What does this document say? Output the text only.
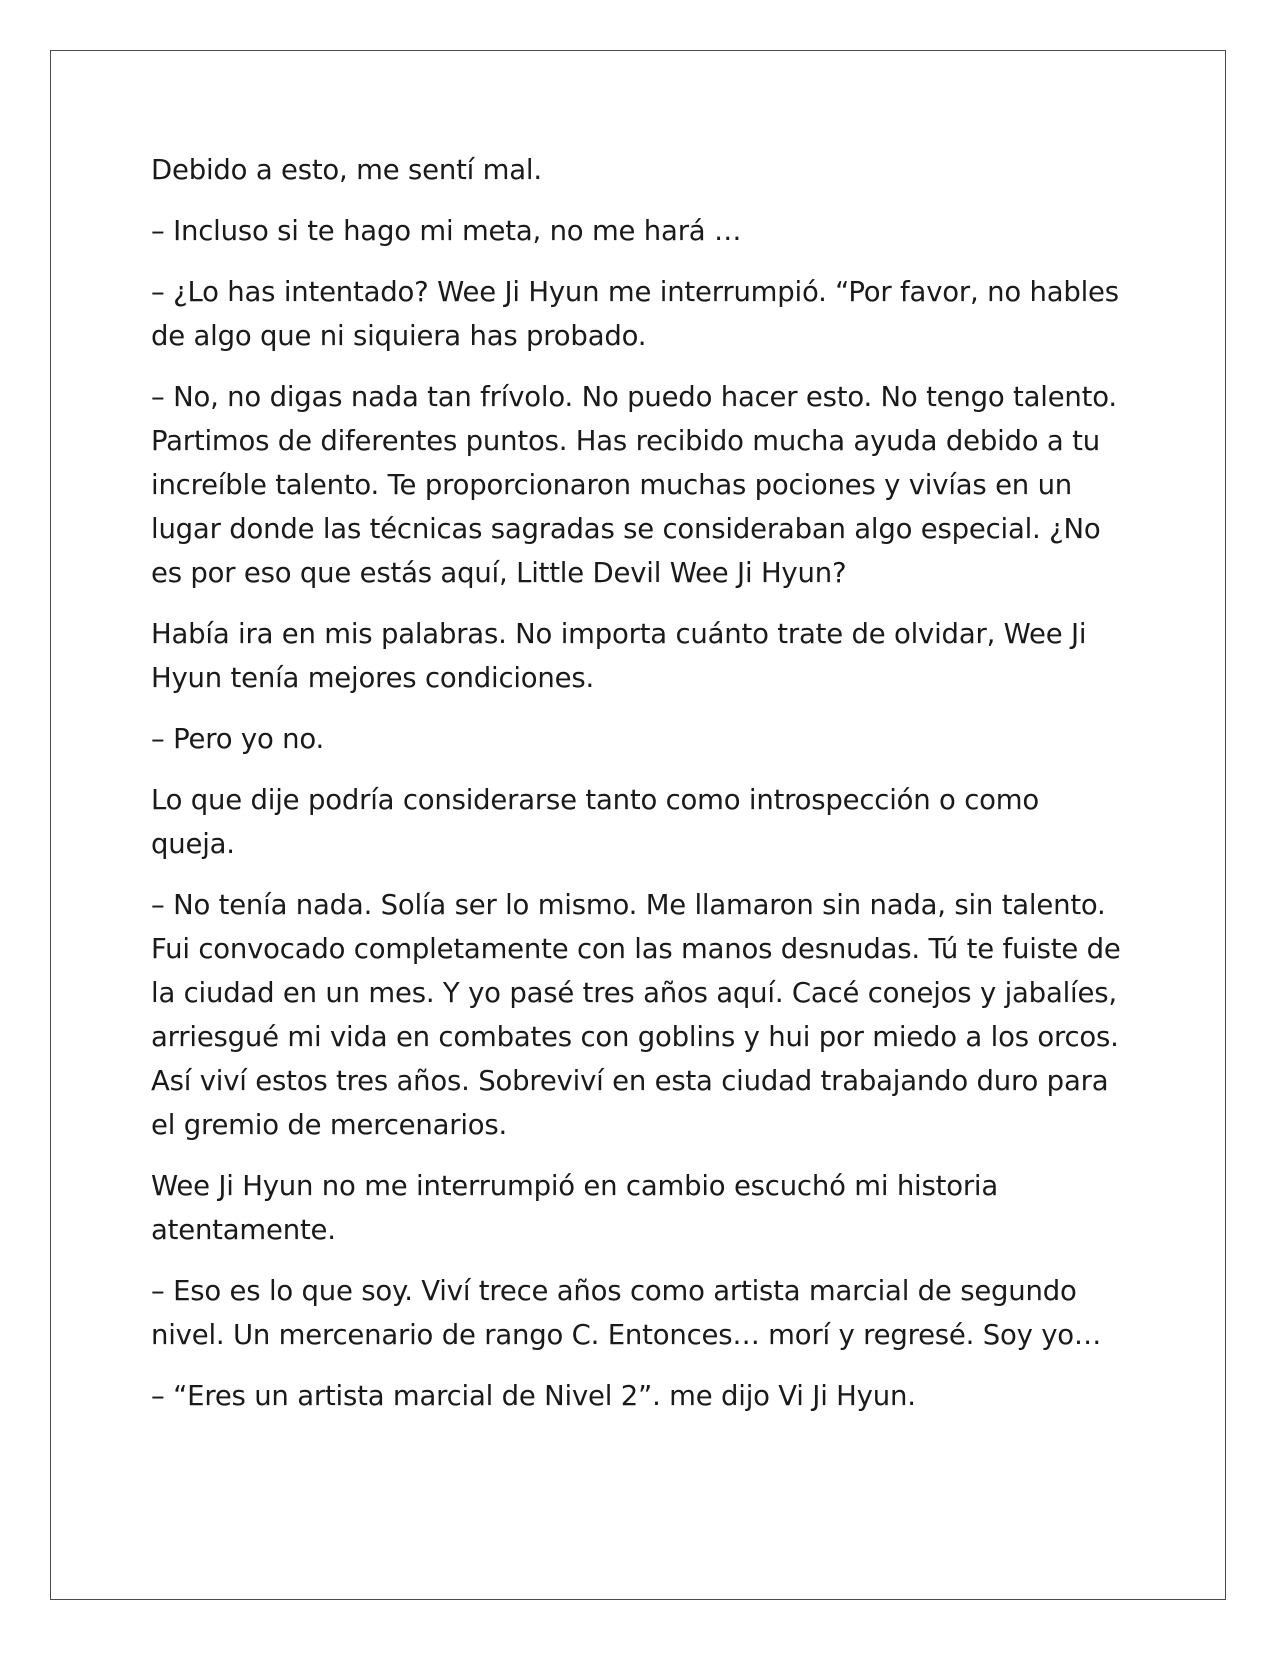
Debido a esto, me sentí mal.

– Incluso si te hago mi meta, no me hará …

– ¿Lo has intentado? Wee Ji Hyun me interrumpió. “Por favor, no hables de algo que ni siquiera has probado.

– No, no digas nada tan frívolo. No puedo hacer esto. No tengo talento. Partimos de diferentes puntos. Has recibido mucha ayuda debido a tu increíble talento. Te proporcionaron muchas pociones y vivías en un lugar donde las técnicas sagradas se consideraban algo especial. ¿No es por eso que estás aquí, Little Devil Wee Ji Hyun?

Había ira en mis palabras. No importa cuánto trate de olvidar, Wee Ji Hyun tenía mejores condiciones.

– Pero yo no.

Lo que dije podría considerarse tanto como introspección o como queja.

– No tenía nada. Solía ser lo mismo. Me llamaron sin nada, sin talento. Fui convocado completamente con las manos desnudas. Tú te fuiste de la ciudad en un mes. Y yo pasé tres años aquí. Cacé conejos y jabalíes, arriesgué mi vida en combates con goblins y hui por miedo a los orcos. Así viví estos tres años. Sobreviví en esta ciudad trabajando duro para el gremio de mercenarios.

Wee Ji Hyun no me interrumpió en cambio escuchó mi historia atentamente.

– Eso es lo que soy. Viví trece años como artista marcial de segundo nivel. Un mercenario de rango C. Entonces… morí y regresé. Soy yo…

– “Eres un artista marcial de Nivel 2”. me dijo Vi Ji Hyun.
